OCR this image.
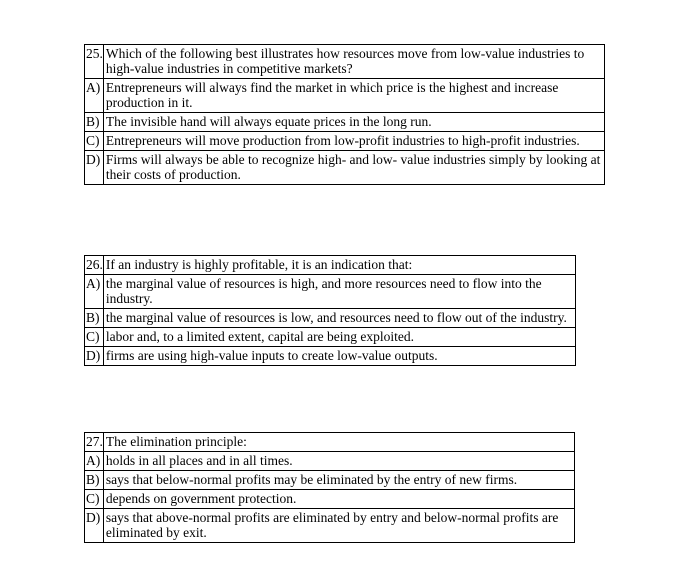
25.	Which of the following best illustrates how resources move from low-value industries to high-value industries in competitive markets?
A)	Entrepreneurs will always find the market in which price is the highest and increase production in it.
B)	The invisible hand will always equate prices in the long run.
C)	Entrepreneurs will move production from low-profit industries to high-profit industries.
D)	Firms will always be able to recognize high- and low- value industries simply by looking at their costs of production.
26.	If an industry is highly profitable, it is an indication that:
A)	the marginal value of resources is high, and more resources need to flow into the industry.
B)	the marginal value of resources is low, and resources need to flow out of the industry.
C)	labor and, to a limited extent, capital are being exploited.
D)	firms are using high-value inputs to create low-value outputs.
27.	The elimination principle:
A)	holds in all places and in all times.
B)	says that below-normal profits may be eliminated by the entry of new firms.
C)	depends on government protection.
D)	says that above-normal profits are eliminated by entry and below-normal profits are eliminated by exit.
